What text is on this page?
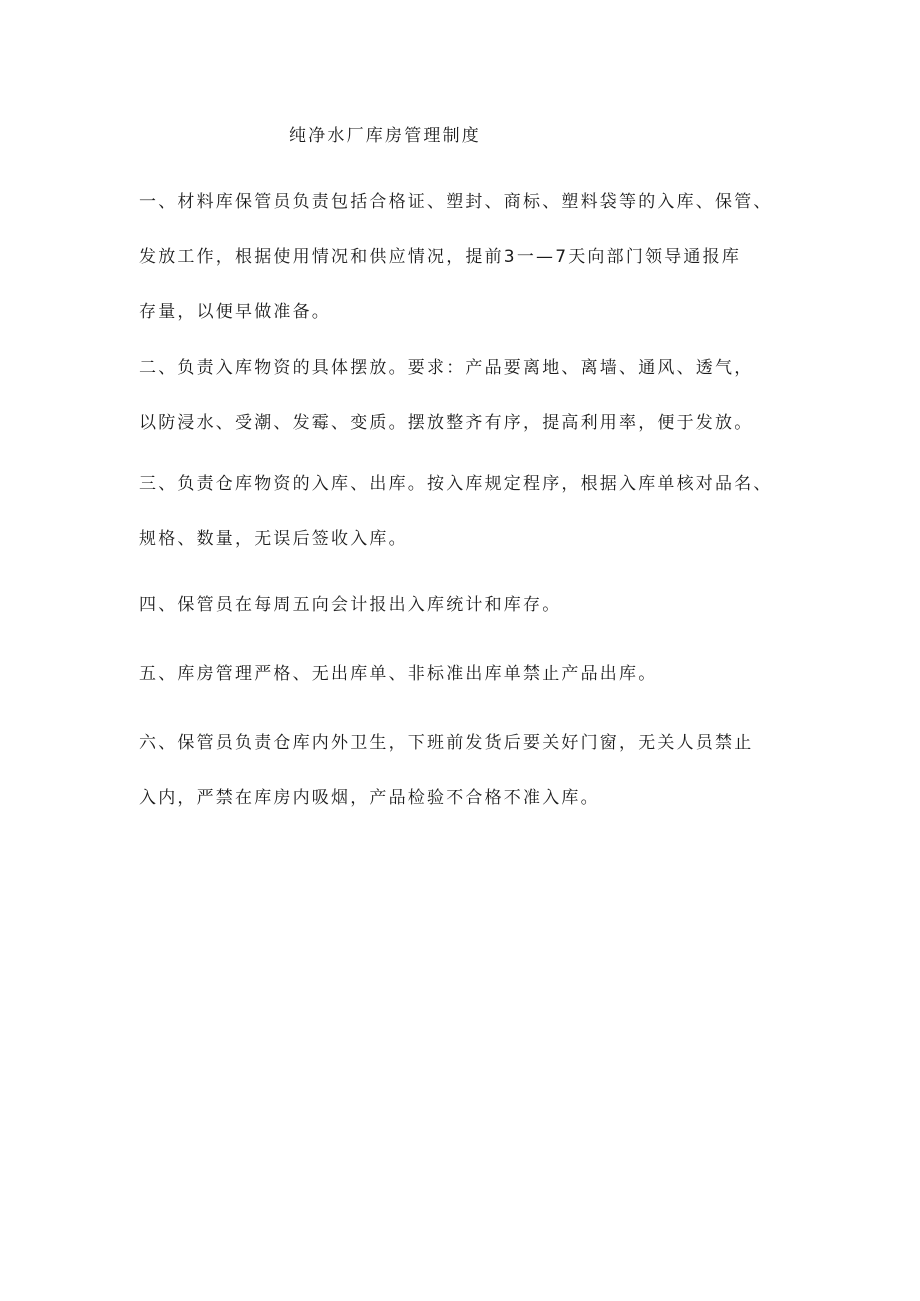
纯净水厂库房管理制度
一、材料库保管员负责包括合格证、塑封、商标、塑料袋等的入库、保管、
发放工作，根据使用情况和供应情况，提前3一—7天向部门领导通报库
存量，以便早做准备。
二、负责入库物资的具体摆放。要求：产品要离地、离墙、通风、透气，
以防浸水、受潮、发霉、变质。摆放整齐有序，提高利用率，便于发放。
三、负责仓库物资的入库、出库。按入库规定程序，根据入库单核对品名、
规格、数量，无误后签收入库。
四、保管员在每周五向会计报出入库统计和库存。
五、库房管理严格、无出库单、非标准出库单禁止产品出库。
六、保管员负责仓库内外卫生，下班前发货后要关好门窗，无关人员禁止
入内，严禁在库房内吸烟，产品检验不合格不准入库。
